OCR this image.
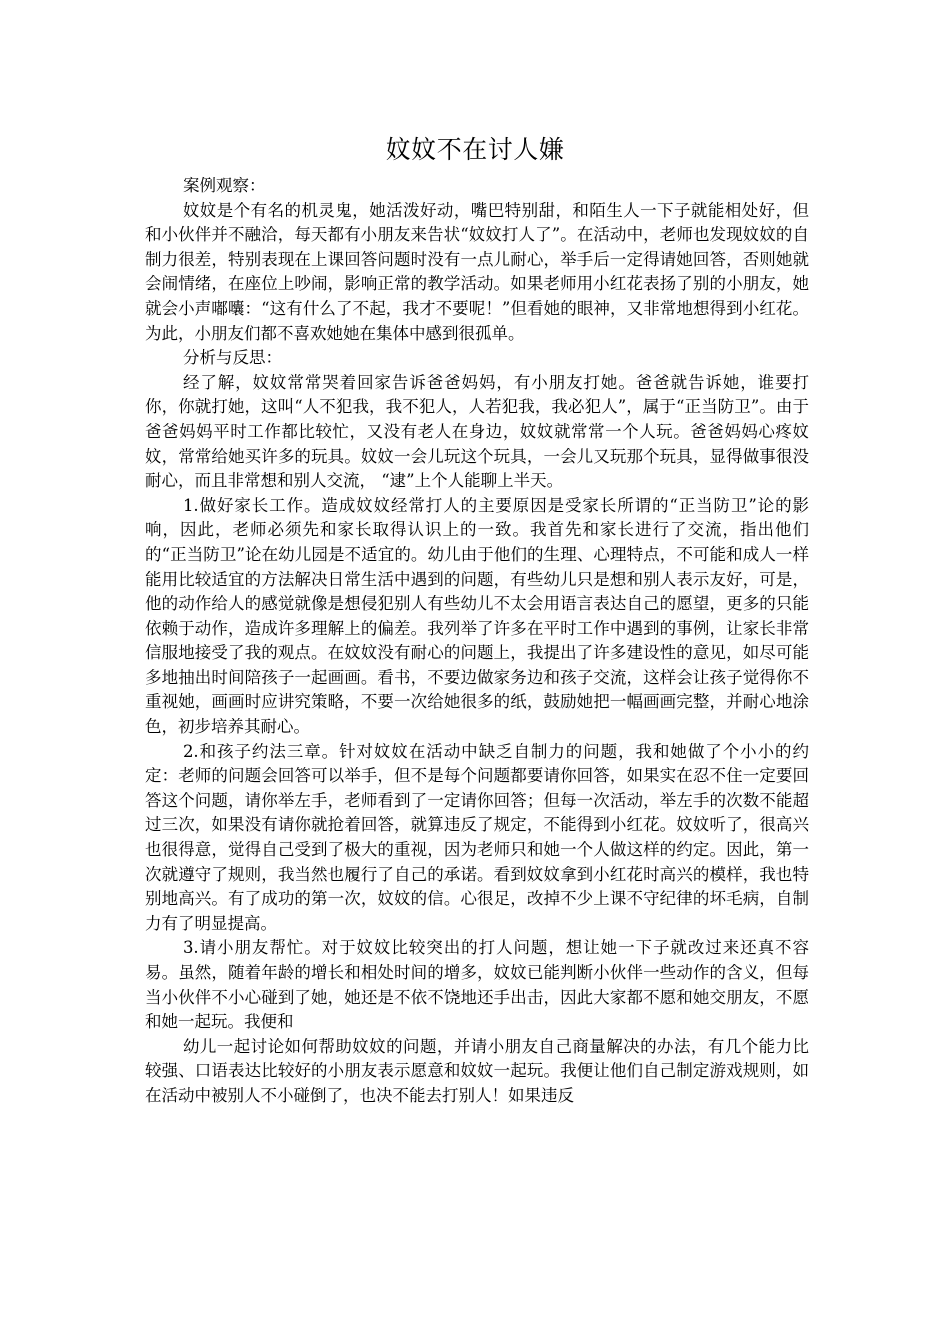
妏妏不在讨人嫌

案例观察：

妏妏是个有名的机灵鬼，她活泼好动，嘴巴特别甜，和陌生人一下子就能相处好，但和小伙伴并不融洽，每天都有小朋友来告状“妏妏打人了”。在活动中，老师也发现妏妏的自制力很差，特别表现在上课回答问题时没有一点儿耐心，举手后一定得请她回答，否则她就会闹情绪，在座位上吵闹，影响正常的教学活动。如果老师用小红花表扬了别的小朋友，她就会小声嘟囔：“这有什么了不起，我才不要呢！”但看她的眼神，又非常地想得到小红花。为此，小朋友们都不喜欢她她在集体中感到很孤单。

分析与反思：

经了解，妏妏常常哭着回家告诉爸爸妈妈，有小朋友打她。爸爸就告诉她，谁要打你，你就打她，这叫“人不犯我，我不犯人，人若犯我，我必犯人”，属于“正当防卫”。由于爸爸妈妈平时工作都比较忙，又没有老人在身边，妏妏就常常一个人玩。爸爸妈妈心疼妏妏，常常给她买许多的玩具。妏妏一会儿玩这个玩具，一会儿又玩那个玩具，显得做事很没耐心，而且非常想和别人交流， “逮”上个人能聊上半天。

1.做好家长工作。造成妏妏经常打人的主要原因是受家长所谓的“正当防卫”论的影响，因此，老师必须先和家长取得认识上的一致。我首先和家长进行了交流，指出他们的“正当防卫”论在幼儿园是不适宜的。幼儿由于他们的生理、心理特点，不可能和成人一样能用比较适宜的方法解决日常生活中遇到的问题，有些幼儿只是想和别人表示友好，可是，他的动作给人的感觉就像是想侵犯别人有些幼儿不太会用语言表达自己的愿望，更多的只能依赖于动作，造成许多理解上的偏差。我列举了许多在平时工作中遇到的事例，让家长非常信服地接受了我的观点。在妏妏没有耐心的问题上，我提出了许多建设性的意见，如尽可能多地抽出时间陪孩子一起画画。看书，不要边做家务边和孩子交流，这样会让孩子觉得你不重视她，画画时应讲究策略，不要一次给她很多的纸，鼓励她把一幅画画完整，并耐心地涂色，初步培养其耐心。

2.和孩子约法三章。针对妏妏在活动中缺乏自制力的问题，我和她做了个小小的约定：老师的问题会回答可以举手，但不是每个问题都要请你回答，如果实在忍不住一定要回答这个问题，请你举左手，老师看到了一定请你回答；但每一次活动，举左手的次数不能超过三次，如果没有请你就抢着回答，就算违反了规定，不能得到小红花。妏妏听了，很高兴也很得意，觉得自己受到了极大的重视，因为老师只和她一个人做这样的约定。因此，第一次就遵守了规则，我当然也履行了自己的承诺。看到妏妏拿到小红花时高兴的模样，我也特别地高兴。有了成功的第一次，妏妏的信。心很足，改掉不少上课不守纪律的坏毛病，自制力有了明显提高。

3.请小朋友帮忙。对于妏妏比较突出的打人问题，想让她一下子就改过来还真不容易。虽然，随着年龄的增长和相处时间的增多，妏妏已能判断小伙伴一些动作的含义，但每当小伙伴不小心碰到了她，她还是不依不饶地还手出击，因此大家都不愿和她交朋友，不愿和她一起玩。我便和

幼儿一起讨论如何帮助妏妏的问题，并请小朋友自己商量解决的办法，有几个能力比较强、口语表达比较好的小朋友表示愿意和妏妏一起玩。我便让他们自己制定游戏规则，如在活动中被别人不小碰倒了，也决不能去打别人！如果违反
